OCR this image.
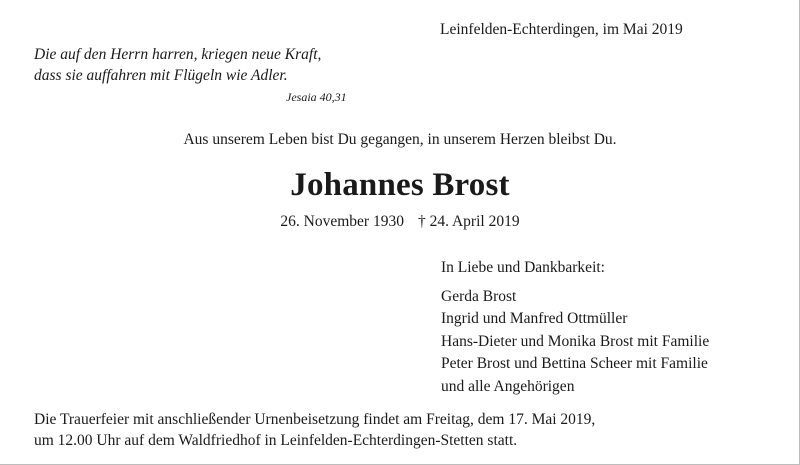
Leinfelden-Echterdingen, im Mai 2019
Die auf den Herrn harren, kriegen neue Kraft,
dass sie auffahren mit Flügeln wie Adler.
Jesaia 40,31
Aus unserem Leben bist Du gegangen, in unserem Herzen bleibst Du.
Johannes Brost
26. November 1930 † 24. April 2019
In Liebe und Dankbarkeit:
Gerda Brost
Ingrid und Manfred Ottmüller
Hans-Dieter und Monika Brost mit Familie
Peter Brost und Bettina Scheer mit Familie
und alle Angehörigen
Die Trauerfeier mit anschließender Urnenbeisetzung findet am Freitag, dem 17. Mai 2019,
um 12.00 Uhr auf dem Waldfriedhof in Leinfelden-Echterdingen-Stetten statt.
